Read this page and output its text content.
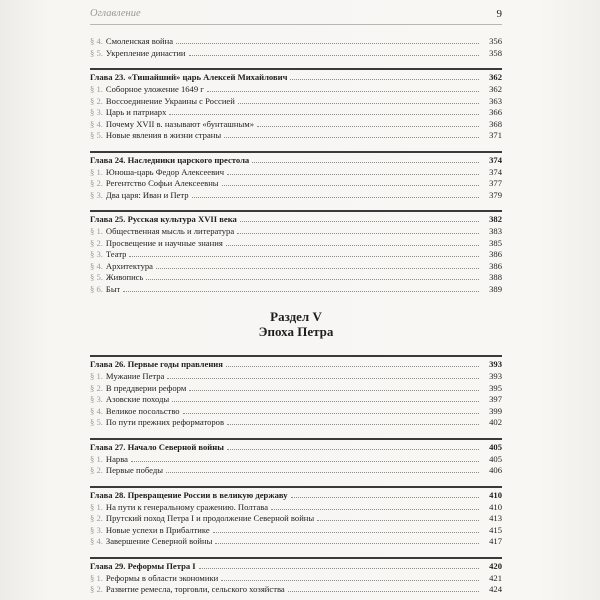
Оглавление	9
§ 4. Смоленская война	356
§ 5. Укрепление династии	358
Глава 23. «Тишайший» царь Алексей Михайлович	362
§ 1. Соборное уложение 1649 г	362
§ 2. Воссоединение Украины с Россией	363
§ 3. Царь и патриарх	366
§ 4. Почему XVII в. называют «бунташным»	368
§ 5. Новые явления в жизни страны	371
Глава 24. Наследники царского престола	374
§ 1. Юноша-царь Федор Алексеевич	374
§ 2. Регентство Софьи Алексеевны	377
§ 3. Два царя: Иван и Петр	379
Глава 25. Русская культура XVII века	382
§ 1. Общественная мысль и литература	383
§ 2. Просвещение и научные знания	385
§ 3. Театр	386
§ 4. Архитектура	386
§ 5. Живопись	388
§ 6. Быт	389
Раздел V
Эпоха Петра
Глава 26. Первые годы правления	393
§ 1. Мужание Петра	393
§ 2. В преддверии реформ	395
§ 3. Азовские походы	397
§ 4. Великое посольство	399
§ 5. По пути прежних реформаторов	402
Глава 27. Начало Северной войны	405
§ 1. Нарва	405
§ 2. Первые победы	406
Глава 28. Превращение России в великую державу	410
§ 1. На пути к генеральному сражению. Полтава	410
§ 2. Прутский поход Петра I и продолжение Северной войны	413
§ 3. Новые успехи в Прибалтике	415
§ 4. Завершение Северной войны	417
Глава 29. Реформы Петра I	420
§ 1. Реформы в области экономики	421
§ 2. Развитие ремесла, торговли, сельского хозяйства	424
